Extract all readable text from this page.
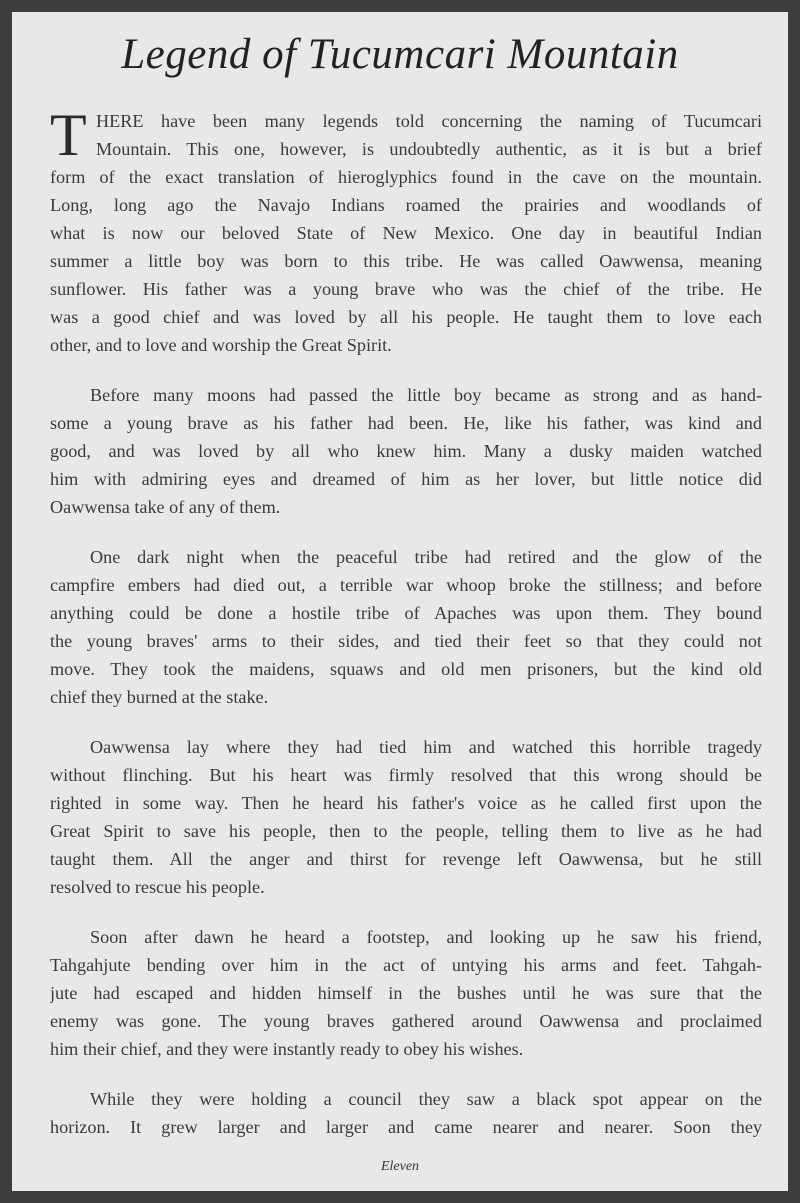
Legend of Tucumcari Mountain
T HERE have been many legends told concerning the naming of Tucumcari
Mountain. This one, however, is undoubtedly authentic, as it is but a brief
form of the exact translation of hieroglyphics found in the cave on the mountain.
Long, long ago the Navajo Indians roamed the prairies and woodlands of
what is now our beloved State of New Mexico. One day in beautiful Indian
summer a little boy was born to this tribe. He was called Oawwensa, meaning
sunflower. His father was a young brave who was the chief of the tribe. He
was a good chief and was loved by all his people. He taught them to love each
other, and to love and worship the Great Spirit.
Before many moons had passed the little boy became as strong and as hand-
some a young brave as his father had been. He, like his father, was kind and
good, and was loved by all who knew him. Many a dusky maiden watched
him with admiring eyes and dreamed of him as her lover, but little notice did
Oawwensa take of any of them.
One dark night when the peaceful tribe had retired and the glow of the
campfire embers had died out, a terrible war whoop broke the stillness; and before
anything could be done a hostile tribe of Apaches was upon them. They bound
the young braves' arms to their sides, and tied their feet so that they could not
move. They took the maidens, squaws and old men prisoners, but the kind old
chief they burned at the stake.
Oawwensa lay where they had tied him and watched this horrible tragedy
without flinching. But his heart was firmly resolved that this wrong should be
righted in some way. Then he heard his father's voice as he called first upon the
Great Spirit to save his people, then to the people, telling them to live as he had
taught them. All the anger and thirst for revenge left Oawwensa, but he still
resolved to rescue his people.
Soon after dawn he heard a footstep, and looking up he saw his friend,
Tahgahjute bending over him in the act of untying his arms and feet. Tahgah-
jute had escaped and hidden himself in the bushes until he was sure that the
enemy was gone. The young braves gathered around Oawwensa and proclaimed
him their chief, and they were instantly ready to obey his wishes.
While they were holding a council they saw a black spot appear on the
horizon. It grew larger and larger and came nearer and nearer. Soon they
Eleven
